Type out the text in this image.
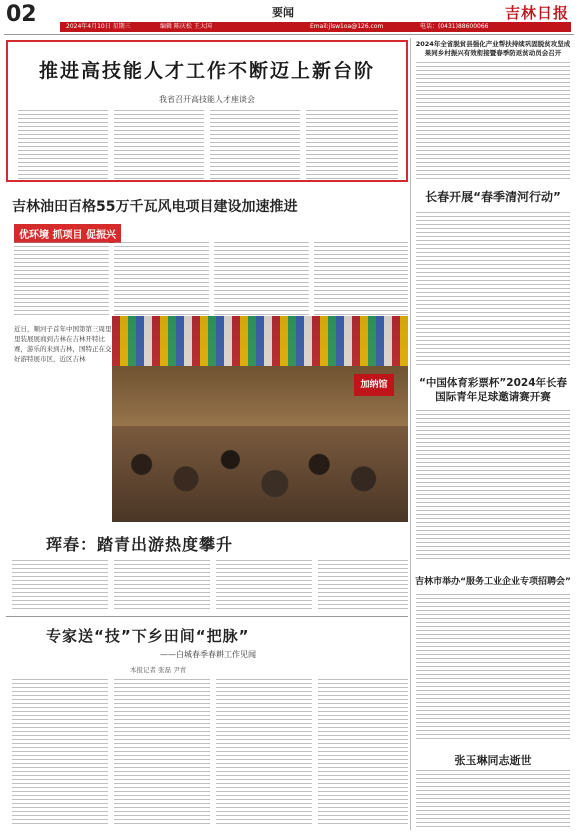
02	要闻	吉林日报
2024年4月10日 星期三	编辑 陈庆松 王大国	Email:jlsw1oa@126.com	电话：(0431)88600066
推进高技能人才工作不断迈上新台阶
我省召开高技能人才座谈会
2024年全省脱贫县强化产业帮扶持续巩固脱贫攻坚成果同乡村振兴有效衔接暨春季防返贫动员会召开
长春开展“春季清河行动”
“中国体育彩票杯”2024年长春国际青年足球邀请赛开赛
吉林市举办“服务工业企业专项招聘会”
张玉琳同志逝世
吉林油田百格55万千瓦风电项目建设加速推进
优环境 抓项目 促振兴
近日，顺河子首年中国第第三周里里装展展商到吉林在吉林开特比赛，游乐的来到吉林，国特正在交好游特展市区，近区吉林
加纳馆
珲春：踏青出游热度攀升
专家送“技”下乡田间“把脉”
——白城春季春耕工作见闻
本报记者 张磊 尹青
